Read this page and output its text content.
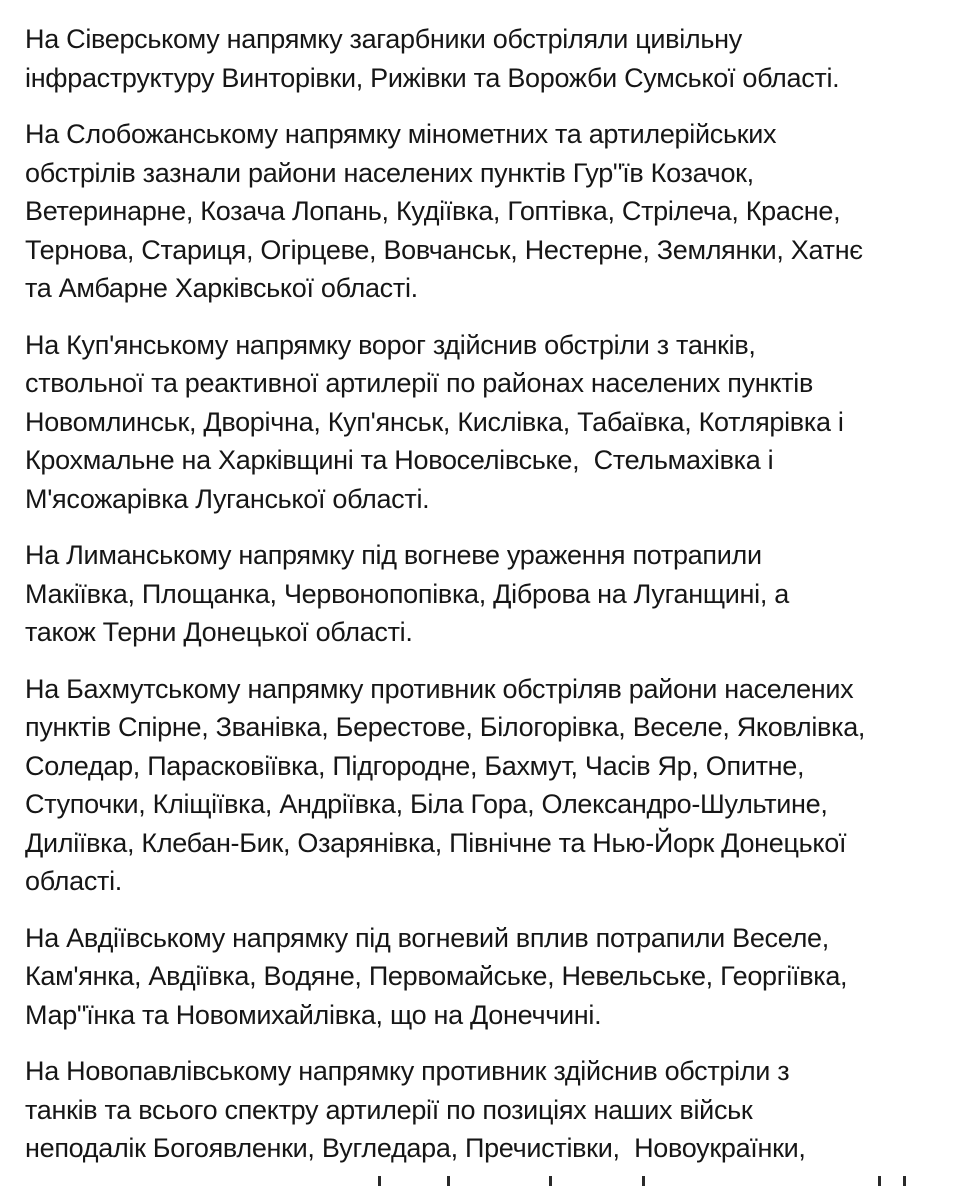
На Сіверському напрямку загарбники обстріляли цивільну
інфраструктуру Винторівки, Рижівки та Ворожби Сумської області.

На Слобожанському напрямку мінометних та артилерійських
обстрілів зазнали райони населених пунктів Гур"їв Козачок,
Ветеринарне, Козача Лопань, Кудіївка, Гоптівка, Стрілеча, Красне,
Тернова, Стариця, Огірцеве, Вовчанськ, Нестерне, Землянки, Хатнє
та Амбарне Харківської області.

На Куп'янському напрямку ворог здійснив обстріли з танків,
ствольної та реактивної артилерії по районах населених пунктів
Новомлинськ, Дворічна, Куп'янськ, Кислівка, Табаївка, Котлярівка і
Крохмальне на Харківщині та Новоселівське,  Стельмахівка і
М'ясожарівка Луганської області.

На Лиманському напрямку під вогневе ураження потрапили
Макіївка, Площанка, Червонопопівка, Діброва на Луганщині, а
також Терни Донецької області.

На Бахмутському напрямку противник обстріляв райони населених
пунктів Спірне, Званівка, Берестове, Білогорівка, Веселе, Яковлівка,
Соледар, Парасковіївка, Підгородне, Бахмут, Часів Яр, Опитне,
Ступочки, Кліщіївка, Андріївка, Біла Гора, Олександро-Шультине,
Диліївка, Клебан-Бик, Озарянівка, Північне та Нью-Йорк Донецької
області.

На Авдіївському напрямку під вогневий вплив потрапили Веселе,
Кам'янка, Авдіївка, Водяне, Первомайське, Невельське, Георгіївка,
Мар"їнка та Новомихайлівка, що на Донеччині.

На Новопавлівському напрямку противник здійснив обстріли з
танків та всього спектру артилерії по позиціях наших військ
неподалік Богоявленки, Вугледара, Пречистівки,  Новоукраїнки,
